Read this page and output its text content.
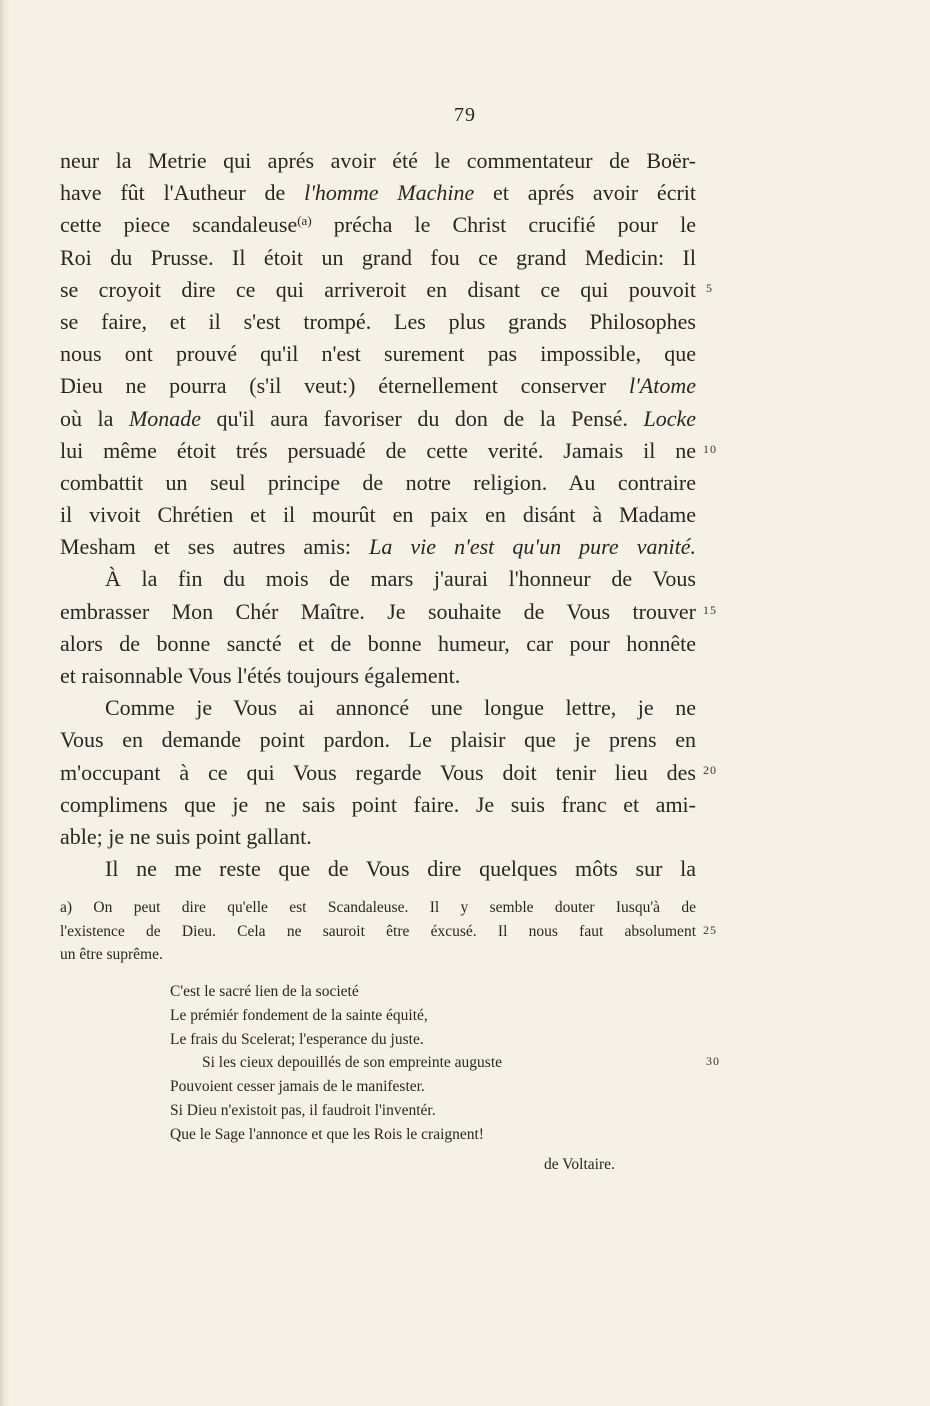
79
neur la Metrie qui aprés avoir été le commentateur de Boër-
have fût l'Autheur de l'homme Machine et aprés avoir écrit
cette piece scandaleuse$^{(a)}$ précha le Christ crucifié pour le
Roi du Prusse. Il étoit un grand fou ce grand Medicin: Il
se croyoit dire ce qui arriveroit en disant ce qui pouvoit
se faire, et il s'est trompé. Les plus grands Philosophes
nous ont prouvé qu'il n'est surement pas impossible, que
Dieu ne pourra (s'il veut:) éternellement conserver l'Atome
où la Monade qu'il aura favoriser du don de la Pensé. Locke
lui même étoit trés persuadé de cette verité. Jamais il ne
combattit un seul principe de notre religion. Au contraire
il vivoit Chrétien et il mourût en paix en disánt à Madame
Mesham et ses autres amis: La vie n'est qu'un pure vanité.
À la fin du mois de mars j'aurai l'honneur de Vous
embrasser Mon Chér Maître. Je souhaite de Vous trouver
alors de bonne sancté et de bonne humeur, car pour honnête
et raisonnable Vous l'étés toujours également.
Comme je Vous ai annoncé une longue lettre, je ne
Vous en demande point pardon. Le plaisir que je prens en
m'occupant à ce qui Vous regarde Vous doit tenir lieu des
complimens que je ne sais point faire. Je suis franc et ami-
able; je ne suis point gallant.
Il ne me reste que de Vous dire quelques môts sur la
5
10
15
20
25
30
a) On peut dire qu'elle est Scandaleuse. Il y semble douter Iusqu'à de
l'existence de Dieu. Cela ne sauroit être éxcusé. Il nous faut absolument
un être suprême.
C'est le sacré lien de la societé
Le prémiér fondement de la sainte équité,
Le frais du Scelerat; l'esperance du juste.
Si les cieux depouillés de son empreinte auguste
Pouvoient cesser jamais de le manifester.
Si Dieu n'existoit pas, il faudroit l'inventér.
Que le Sage l'annonce et que les Rois le craignent!
de Voltaire.
